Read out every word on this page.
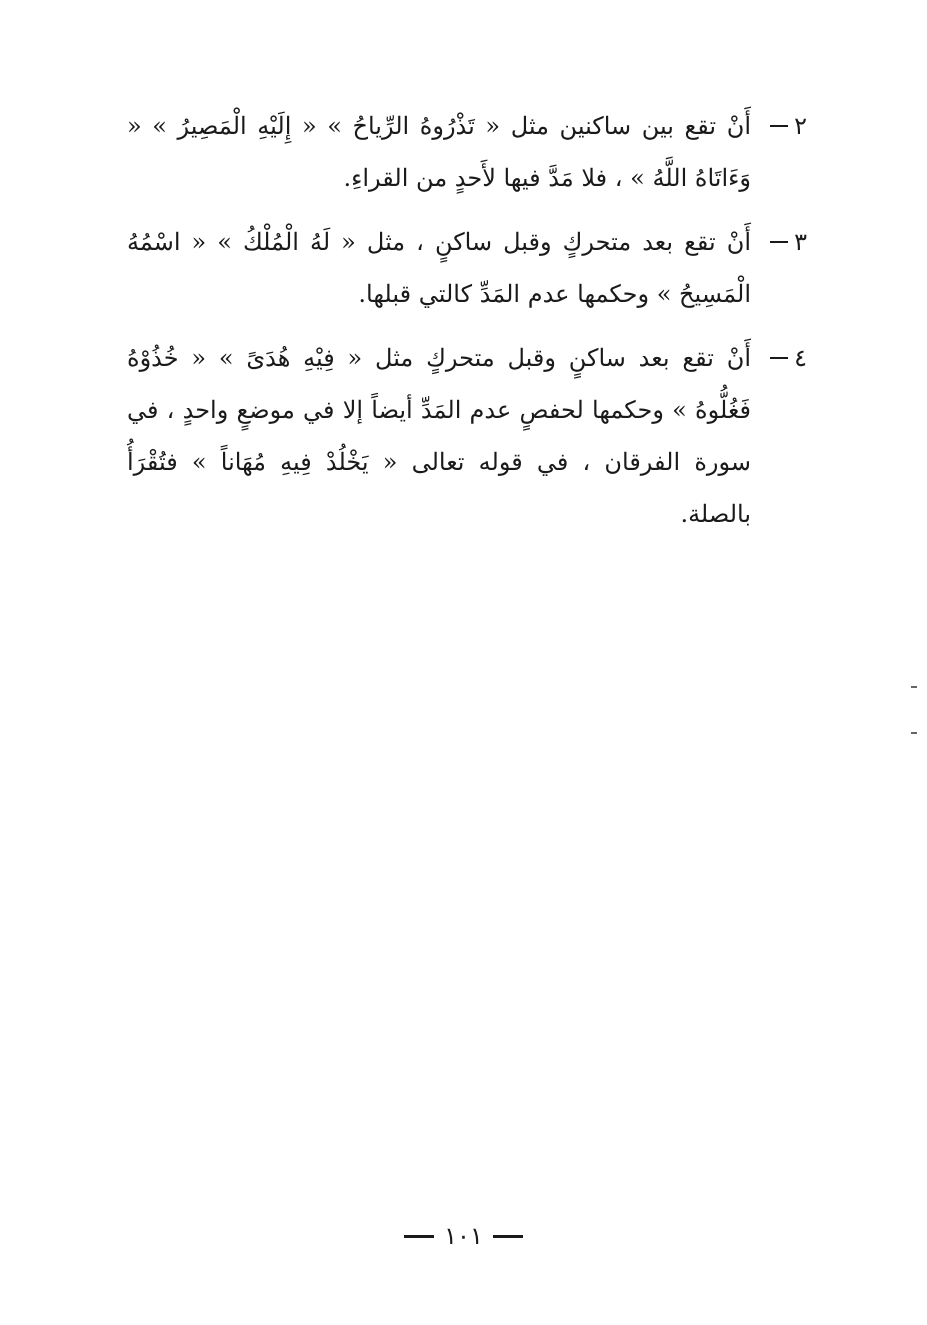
٢
أَنْ تقع بين ساكنين مثل « تَذْرُوهُ الرِّياحُ » « إِلَيْهِ الْمَصِيرُ » « وَءَاتَاهُ اللَّهُ » ، فلا مَدَّ فيها لأَحدٍ من القراءِ.
٣
أَنْ تقع بعد متحركٍ وقبل ساكنٍ ، مثل « لَهُ الْمُلْكُ » « اسْمُهُ الْمَسِيحُ » وحكمها عدم المَدِّ كالتي قبلها.
٤
أَنْ تقع بعد ساكنٍ وقبل متحركٍ مثل « فِيْهِ هُدَىً » « خُذُوْهُ فَغُلُّوهُ » وحكمها لحفصٍ عدم المَدِّ أيضاً إلا في موضعٍ واحدٍ ، في سورة الفرقان ، في قوله تعالى « يَخْلُدْ فِيهِ مُهَاناً » فتُقْرَأُ بالصلة.
١٠١
